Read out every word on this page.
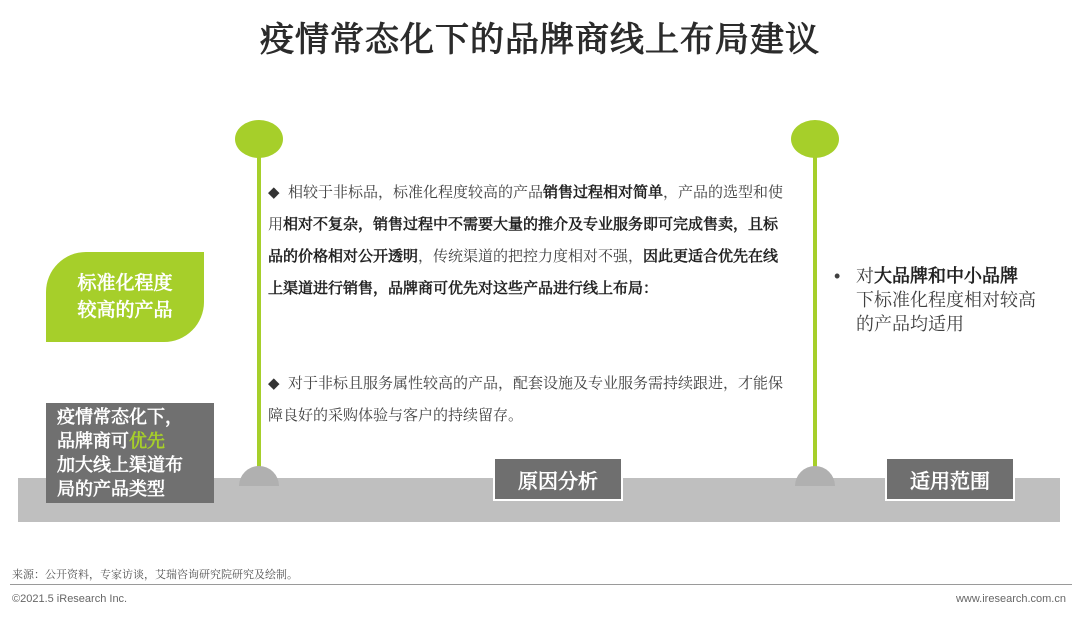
疫情常态化下的品牌商线上布局建议
标准化程度
较高的产品
疫情常态化下，
品牌商可优先
加大线上渠道布
局的产品类型
◆ 相较于非标品，标准化程度较高的产品销售过程相对简单，产品的选型和使用相对不复杂，销售过程中不需要大量的推介及专业服务即可完成售卖，且标品的价格相对公开透明，传统渠道的把控力度相对不强，因此更适合优先在线上渠道进行销售，品牌商可优先对这些产品进行线上布局：
◆ 对于非标且服务属性较高的产品，配套设施及专业服务需持续跟进，才能保障良好的采购体验与客户的持续留存。
• 对大品牌和中小品牌
下标准化程度相对较高的产品均适用
原因分析	适用范围
来源：公开资料，专家访谈，艾瑞咨询研究院研究及绘制。
©2021.5 iResearch Inc.	www.iresearch.com.cn
